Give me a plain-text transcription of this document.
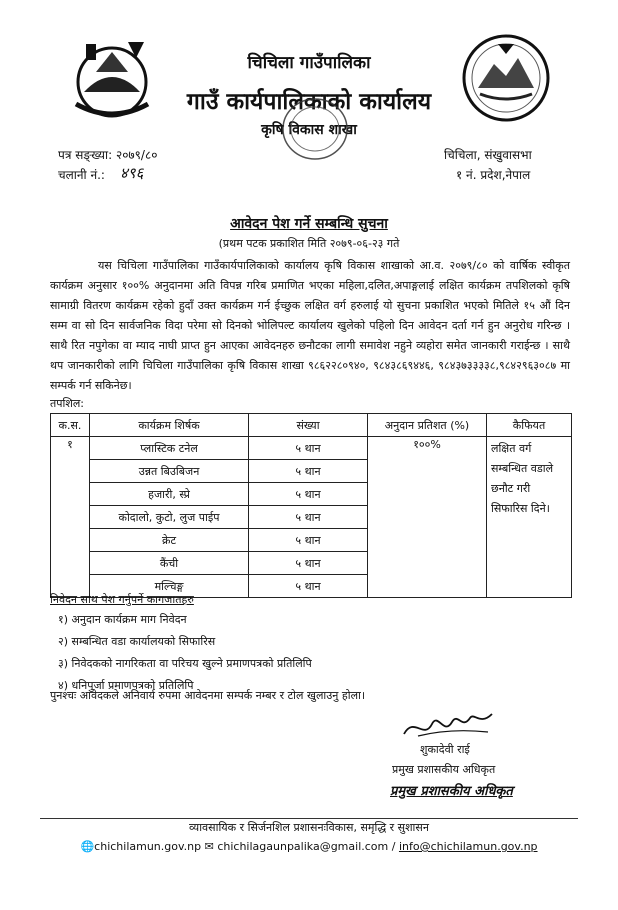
चिचिला गाउँपालिका
गाउँ कार्यपालिकाको कार्यालय
कृषि विकास शाखा
पत्र सङ्ख्या: २०७९/८०
चलानी नं.: ४९६
चिचिला, संखुवासभा
१ नं. प्रदेश,नेपाल
आवेदन पेश गर्ने सम्बन्धि सुचना
(प्रथम पटक प्रकाशित मिति २०७९-०६-२३ गते
यस चिचिला गाउँपालिका गाउँकार्यपालिकाको कार्यालय कृषि विकास शाखाको आ.व. २०७९/८० को वार्षिक स्वीकृत कार्यक्रम अनुसार १००% अनुदानमा अति विपन्न गरिब प्रमाणित भएका महिला,दलित,अपाङ्गलाई लक्षित कार्यक्रम तपशिलको कृषि सामाग्री वितरण कार्यक्रम रहेको हुदाँ उक्त कार्यक्रम गर्न ईच्छुक लक्षित वर्ग हरुलाई यो सुचना प्रकाशित भएको मितिले १५ औं दिन सम्म वा सो दिन सार्वजनिक विदा परेमा सो दिनको भोलिपल्ट कार्यालय खुलेको पहिलो दिन आवेदन दर्ता गर्न हुन अनुरोध गरिन्छ । साथै रित नपुगेका वा म्याद नाघी प्राप्त हुन आएका आवेदनहरु छनौटका लागी समावेश नहुने व्यहोरा समेत जानकारी गराईन्छ । साथै थप जानकारीको लागि चिचिला गाउँपालिका कृषि विकास शाखा ९८६२२८०९४०, ९८४३८६९४४६, ९८४३७३३३३८,९८४२९६३०८७ मा सम्पर्क गर्न सकिनेछ।
तपशिल:
क.स.	कार्यक्रम शिर्षक	संख्या	अनुदान प्रतिशत (%)	कैफियत
१	प्लास्टिक टनेल	५ थान	१००%	लक्षित वर्ग सम्बन्धित वडाले छनौट गरी सिफारिस दिने।
	उन्नत बिउबिजन	५ थान		
	हजारी, स्प्रे	५ थान		
	कोदालो, कुटो, लुज पाईप	५ थान		
	क्रेट	५ थान		
	कैंची	५ थान		
	मल्चिङ्ग	५ थान		
निवेदन साथ पेश गर्नुपर्ने कागजातहरु
१) अनुदान कार्यक्रम माग निवेदन
२) सम्बन्धित वडा कार्यालयको सिफारिस
३) निवेदकको नागरिकता वा परिचय खुल्ने प्रमाणपत्रको प्रतिलिपि
४) धनिपुर्जा प्रमाणपत्रको प्रतिलिपि
पुनश्चः आवेदकले अनिवार्य रुपमा आवेदनमा सम्पर्क नम्बर र टोल खुलाउनु होला।
शुकादेवी राई
प्रमुख प्रशासकीय अधिकृत
प्रमुख प्रशासकीय अधिकृत
व्यावसायिक र सिर्जनशिल प्रशासनःविकास, समृद्धि र सुशासन
🌐chichilamun.gov.np ✉ chichilagaunpalika@gmail.com / info@chichilamun.gov.np
